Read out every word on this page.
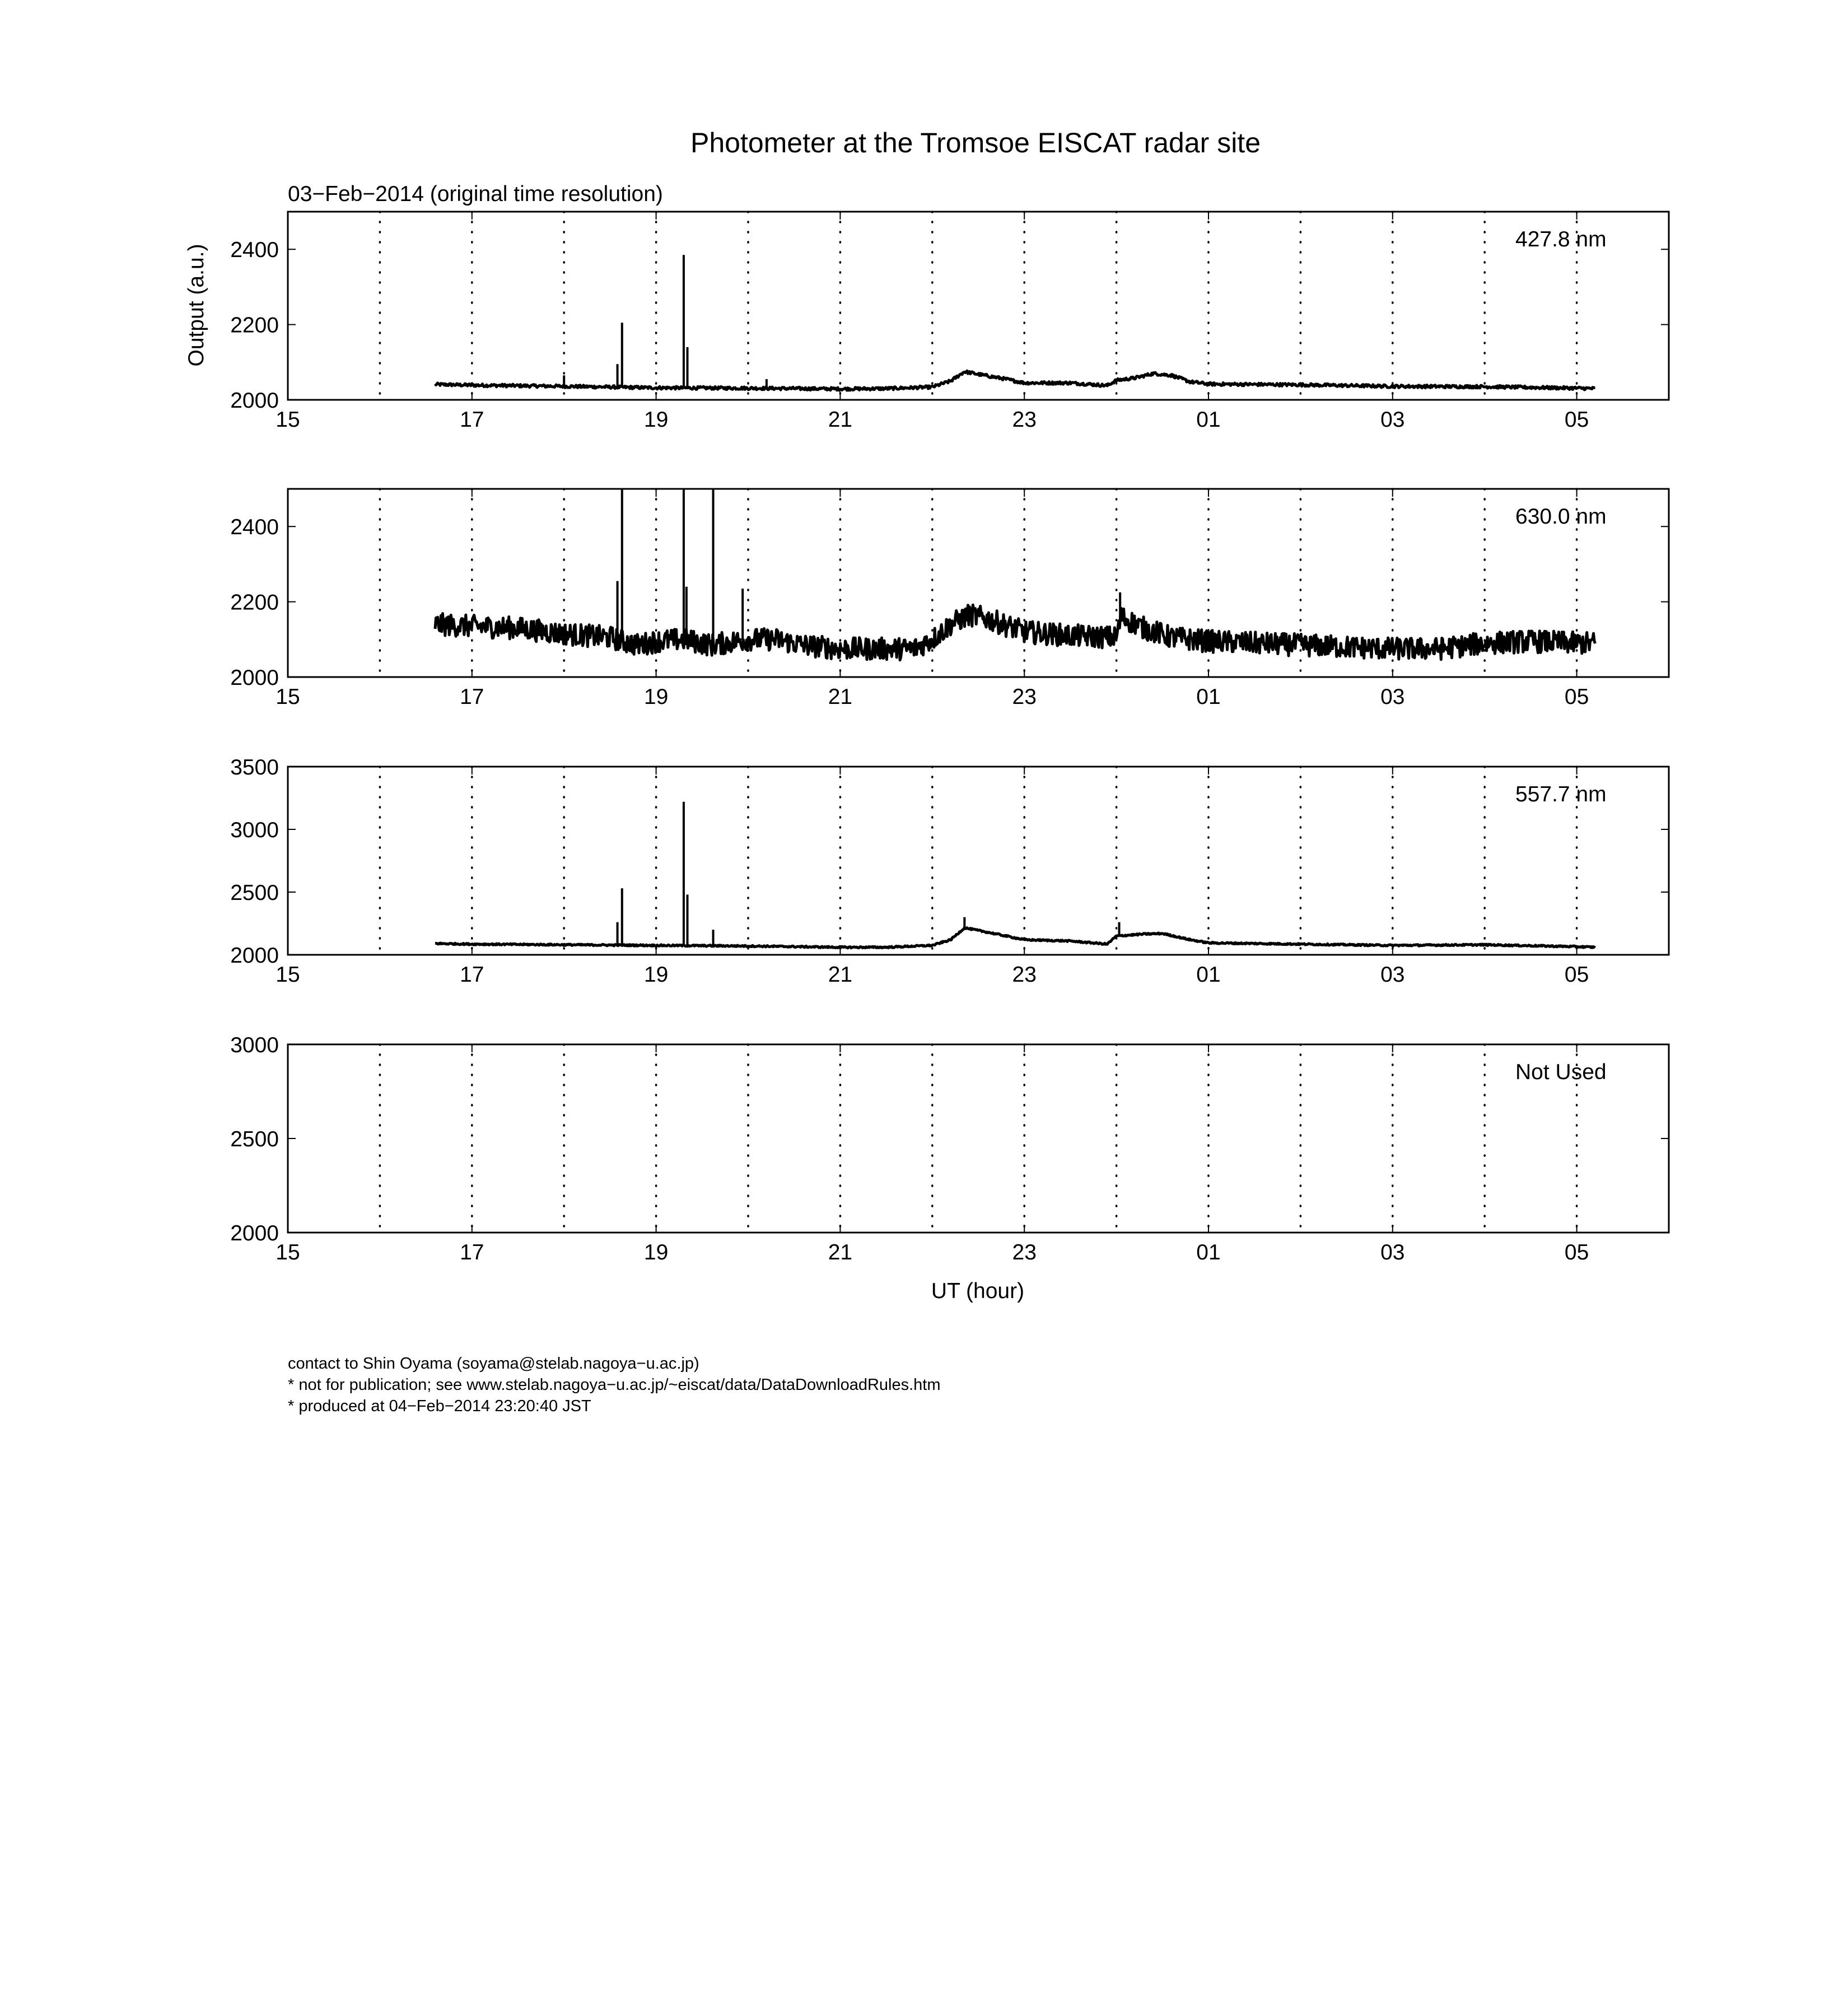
Photometer at the Tromsoe EISCAT radar site
03−Feb−2014 (original time resolution)
Output (a.u.)
UT (hour)
15	17	19	21	23	01	03	05
2000
2200
2400	427.8 nm
15	17	19	21	23	01	03	05
2000
2200
2400	630.0 nm
15	17	19	21	23	01	03	05
2000
2500
3000
3500
557.7 nm
15	17	19	21	23	01	03	05
2000
2500
3000
Not Used
contact to Shin Oyama (soyama@stelab.nagoya−u.ac.jp)
* not for publication; see www.stelab.nagoya−u.ac.jp/~eiscat/data/DataDownloadRules.htm
* produced at 04−Feb−2014 23:20:40 JST
